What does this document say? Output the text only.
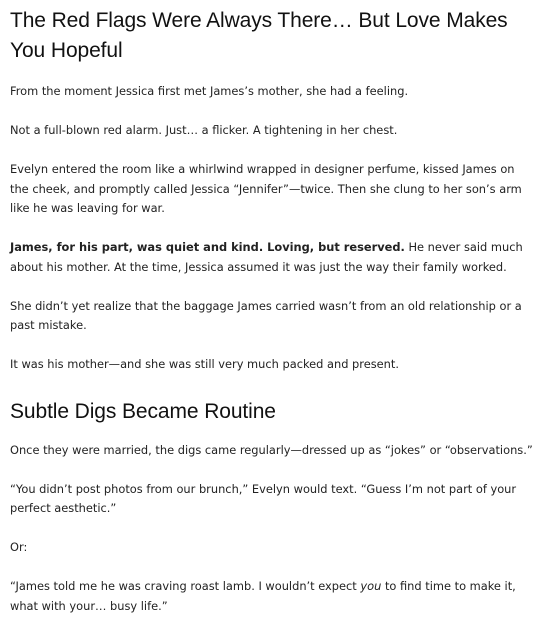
The Red Flags Were Always There… But Love Makes You Hopeful

From the moment Jessica first met James’s mother, she had a feeling.

Not a full-blown red alarm. Just… a flicker. A tightening in her chest.

Evelyn entered the room like a whirlwind wrapped in designer perfume, kissed James on the cheek, and promptly called Jessica “Jennifer”—twice. Then she clung to her son’s arm like he was leaving for war.

James, for his part, was quiet and kind. Loving, but reserved. He never said much about his mother. At the time, Jessica assumed it was just the way their family worked.

She didn’t yet realize that the baggage James carried wasn’t from an old relationship or a past mistake.

It was his mother—and she was still very much packed and present.

Subtle Digs Became Routine

Once they were married, the digs came regularly—dressed up as “jokes” or “observations.”

“You didn’t post photos from our brunch,” Evelyn would text. “Guess I’m not part of your perfect aesthetic.”

Or:

“James told me he was craving roast lamb. I wouldn’t expect you to find time to make it, what with your… busy life.”
